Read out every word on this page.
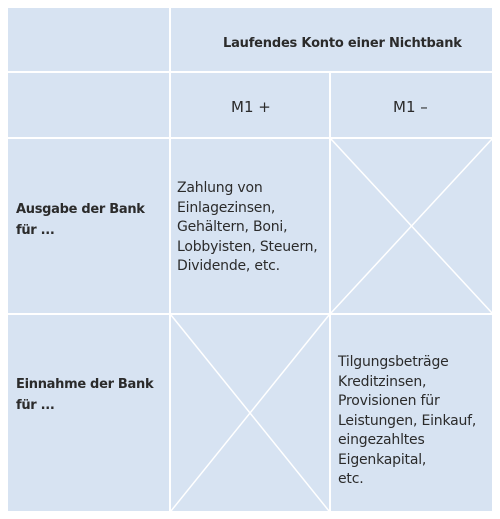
Laufendes Konto einer Nichtbank
M1 +	M1 –
Ausgabe der Bank
für ...
Zahlung von
Einlagezinsen,
Gehältern, Boni,
Lobbyisten, Steuern,
Dividende, etc.
Einnahme der Bank
für ...
Tilgungsbeträge
Kreditzinsen,
Provisionen für
Leistungen, Einkauf,
eingezahltes
Eigenkapital,
etc.
